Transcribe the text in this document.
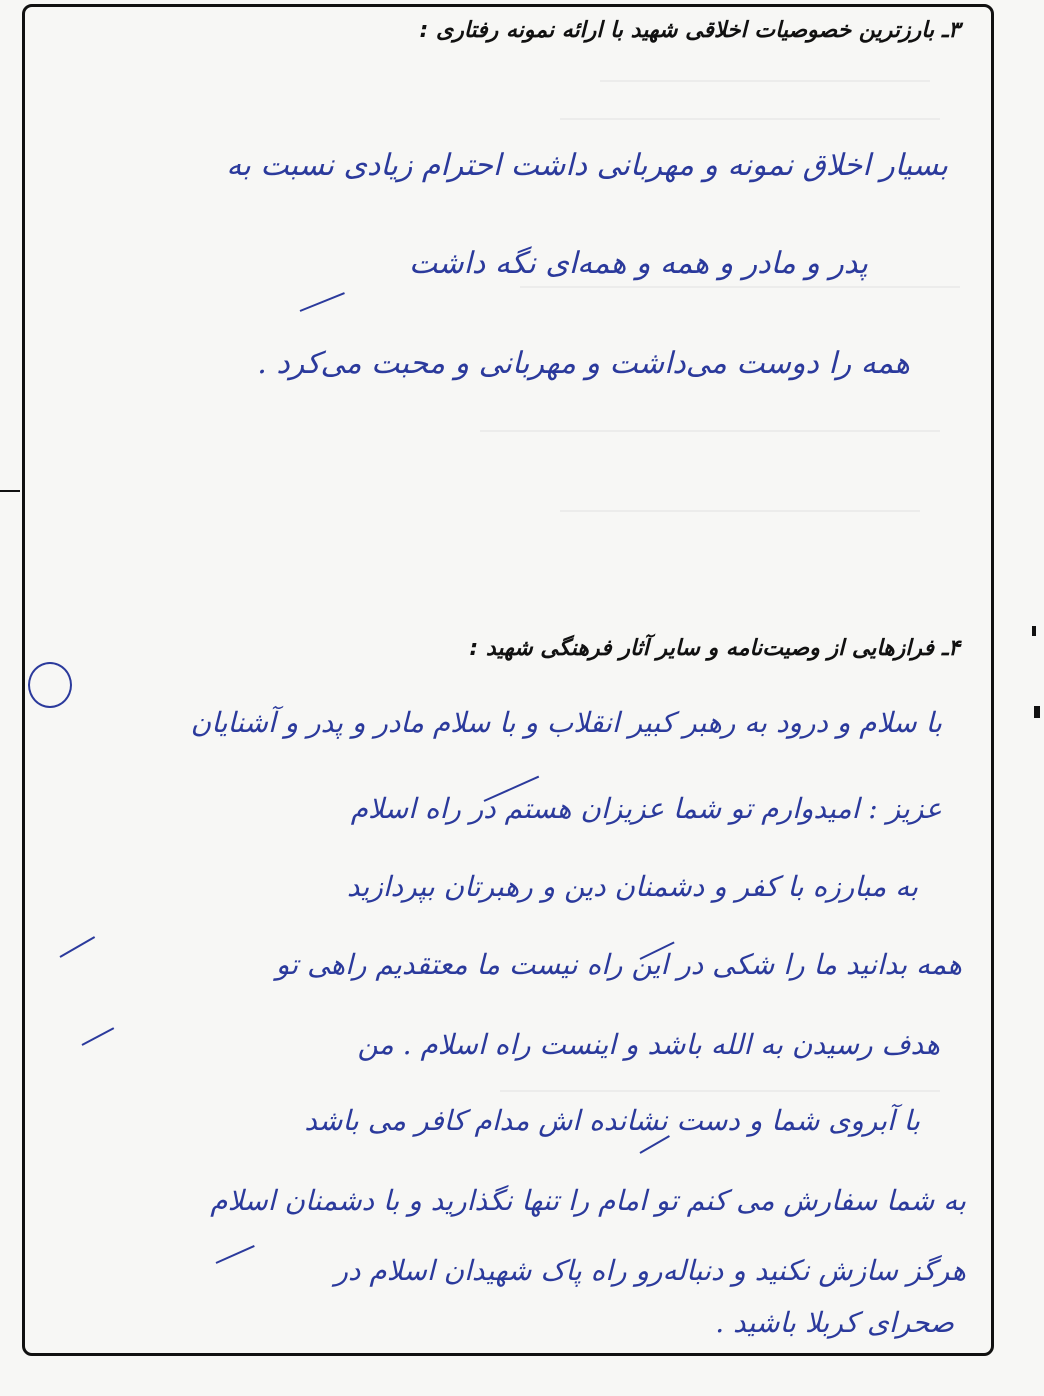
۳ـ بارزترین خصوصیات اخلاقی شهید با ارائه نمونه رفتاری :
بسیار اخلاق نمونه و مهربانی داشت احترام زیادی نسبت به
پدر و مادر و همه و همه‌ای نگه داشت
همه را دوست می‌داشت و مهربانی و محبت می‌کرد .
۴ـ فرازهایی از وصیت‌نامه و سایر آثار فرهنگی شهید :
با سلام و درود به رهبر کبیر انقلاب و با سلام مادر و پدر و آشنایان
عزیز : امیدوارم تو شما عزیزان هستم در راه اسلام
به مبارزه با کفر و دشمنان دین و رهبرتان بپردازید
همه بدانید ما را شکی در این راه نیست ما معتقدیم راهی تو
هدف رسیدن به الله باشد و اینست راه اسلام . من
با آبروی شما و دست نشانده اش مدام کافر می باشد
به شما سفارش می کنم تو امام را تنها نگذارید و با دشمنان اسلام
هرگز سازش نکنید و دنباله‌رو راه پاک شهیدان اسلام در
صحرای کربلا باشید .
